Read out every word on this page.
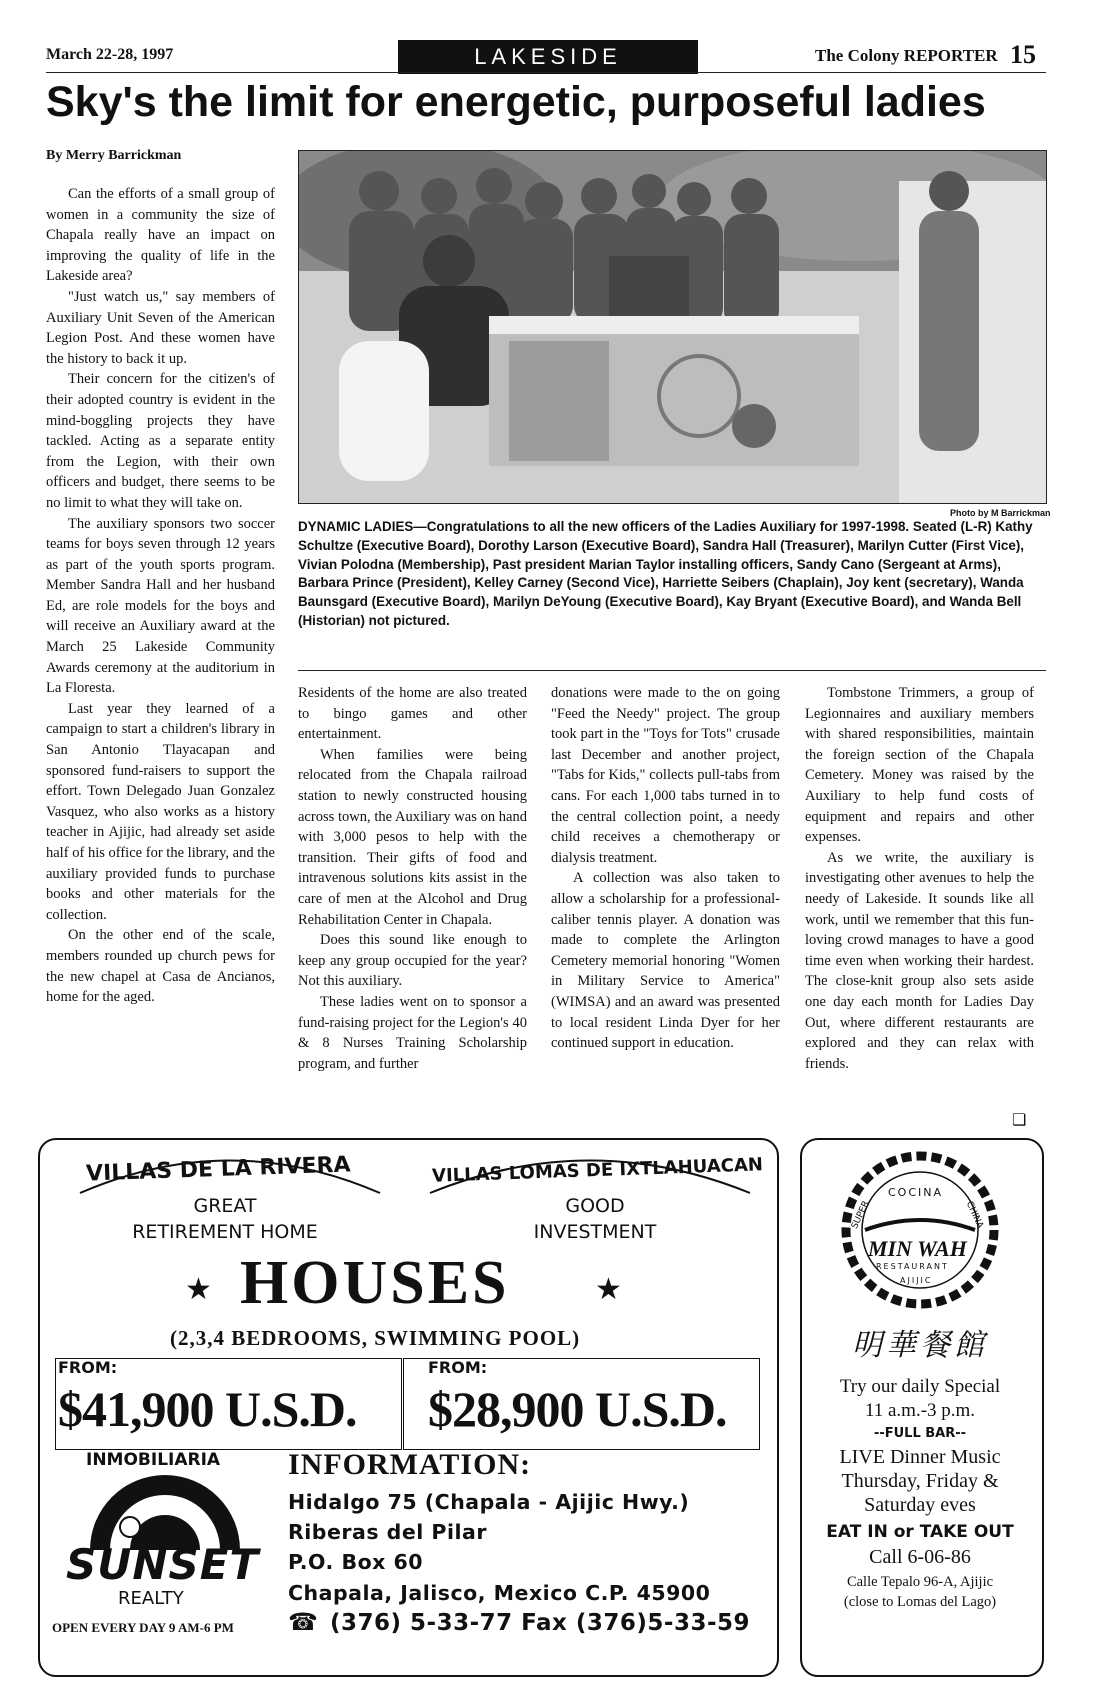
March 22-28, 1997	LAKESIDE	The Colony REPORTER 15
Sky's the limit for energetic, purposeful ladies
By Merry Barrickman

Can the efforts of a small group of women in a community the size of Chapala really have an impact on improving the quality of life in the Lakeside area?

"Just watch us," say members of Auxiliary Unit Seven of the American Legion Post. And these women have the history to back it up.

Their concern for the citizen's of their adopted country is evident in the mind-boggling projects they have tackled. Acting as a separate entity from the Legion, with their own officers and budget, there seems to be no limit to what they will take on.

The auxiliary sponsors two soccer teams for boys seven through 12 years as part of the youth sports program. Member Sandra Hall and her husband Ed, are role models for the boys and will receive an Auxiliary award at the March 25 Lakeside Community Awards ceremony at the auditorium in La Floresta.

Last year they learned of a campaign to start a children's library in San Antonio Tlayacapan and sponsored fund-raisers to support the effort. Town Delegado Juan Gonzalez Vasquez, who also works as a history teacher in Ajijic, had already set aside half of his office for the library, and the auxiliary provided funds to purchase books and other materials for the collection.

On the other end of the scale, members rounded up church pews for the new chapel at Casa de Ancianos, home for the aged.

Photo by M Barrickman
DYNAMIC LADIES—Congratulations to all the new officers of the Ladies Auxiliary for 1997-1998. Seated (L-R) Kathy Schultze (Executive Board), Dorothy Larson (Executive Board), Sandra Hall (Treasurer), Marilyn Cutter (First Vice), Vivian Polodna (Membership), Past president Marian Taylor installing officers, Sandy Cano (Sergeant at Arms), Barbara Prince (President), Kelley Carney (Second Vice), Harriette Seibers (Chaplain), Joy kent (secretary), Wanda Baunsgard (Executive Board), Marilyn DeYoung (Executive Board), Kay Bryant (Executive Board), and Wanda Bell (Historian) not pictured.

Residents of the home are also treated to bingo games and other entertainment.

When families were being relocated from the Chapala railroad station to newly constructed housing across town, the Auxiliary was on hand with 3,000 pesos to help with the transition. Their gifts of food and intravenous solutions kits assist in the care of men at the Alcohol and Drug Rehabilitation Center in Chapala.

Does this sound like enough to keep any group occupied for the year? Not this auxiliary.

These ladies went on to sponsor a fund-raising project for the Legion's 40 & 8 Nurses Training Scholarship program, and further

donations were made to the on going "Feed the Needy" project. The group took part in the "Toys for Tots" crusade last December and another project, "Tabs for Kids," collects pull-tabs from cans. For each 1,000 tabs turned in to the central collection point, a needy child receives a chemotherapy or dialysis treatment.

A collection was also taken to allow a scholarship for a professional-caliber tennis player. A donation was made to complete the Arlington Cemetery memorial honoring "Women in Military Service to America" (WIMSA) and an award was presented to local resident Linda Dyer for her continued support in education.

Tombstone Trimmers, a group of Legionnaires and auxiliary members with shared responsibilities, maintain the foreign section of the Chapala Cemetery. Money was raised by the Auxiliary to help fund costs of equipment and repairs and other expenses.

As we write, the auxiliary is investigating other avenues to help the needy of Lakeside. It sounds like all work, until we remember that this fun-loving crowd manages to have a good time even when working their hardest. The close-knit group also sets aside one day each month for Ladies Day Out, where different restaurants are explored and they can relax with friends.

❏
VILLAS DE LA RIVERA
GREAT
RETIREMENT HOME
VILLAS LOMAS DE IXTLAHUACAN
GOOD
INVESTMENT
★ HOUSES	★
(2,3,4 BEDROOMS, SWIMMING POOL)
FROM:	FROM:
$41,900 U.S.D. $28,900 U.S.D.
INMOBILIARIA
SUNSET
REALTY
OPEN EVERY DAY 9 AM-6 PM
INFORMATION:
Hidalgo 75 (Chapala - Ajijic Hwy.)
Riberas del Pilar
P.O. Box 60
Chapala, Jalisco, Mexico C.P. 45900
☎ (376) 5-33-77 Fax (376)5-33-59
COCINA
SUPER	CHINA
MIN WAH
RESTAURANT
AJIJIC
明華餐館
Try our daily Special
11 a.m.-3 p.m.
--FULL BAR--
LIVE Dinner Music
Thursday, Friday &
Saturday eves
EAT IN or TAKE OUT
Call 6-06-86
Calle Tepalo 96-A, Ajijic
(close to Lomas del Lago)
